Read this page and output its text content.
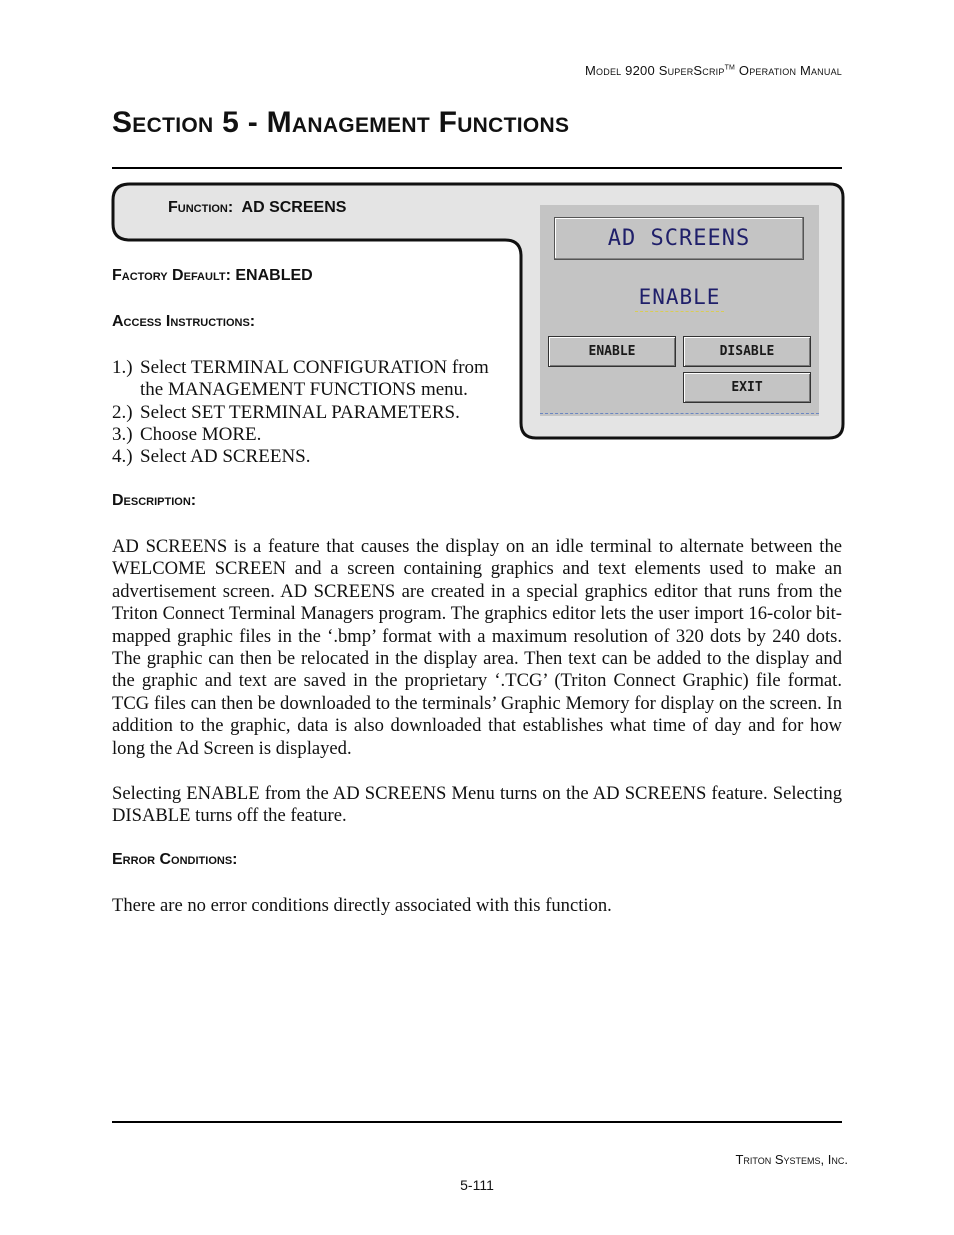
Model 9200 SuperScrip™ Operation Manual
Section 5 - Management Functions
Function: AD SCREENS
AD SCREENS
ENABLE
ENABLE	DISABLE
EXIT
Factory Default: ENABLED
Access Instructions:
1.) Select TERMINAL CONFIGURATION from
the MANAGEMENT FUNCTIONS menu.
2.) Select SET TERMINAL PARAMETERS.
3.) Choose MORE.
4.) Select AD SCREENS.
Description:

AD SCREENS is a feature that causes the display on an idle terminal to alternate between the WELCOME SCREEN and a screen containing graphics and text elements used to make an advertisement screen. AD SCREENS are created in a special graphics editor that runs from the Triton Connect Terminal Managers program. The graphics editor lets the user import 16-color bit-mapped graphic files in the ‘.bmp’ format with a maximum resolution of 320 dots by 240 dots. The graphic can then be relocated in the display area. Then text can be added to the display and the graphic and text are saved in the proprietary ‘.TCG’ (Triton Connect Graphic) file format. TCG files can then be downloaded to the terminals’ Graphic Memory for display on the screen. In addition to the graphic, data is also downloaded that establishes what time of day and for how long the Ad Screen is displayed.

Selecting ENABLE from the AD SCREENS Menu turns on the AD SCREENS feature. Selecting DISABLE turns off the feature.

Error Conditions:

There are no error conditions directly associated with this function.

Triton Systems, Inc.
5-111
